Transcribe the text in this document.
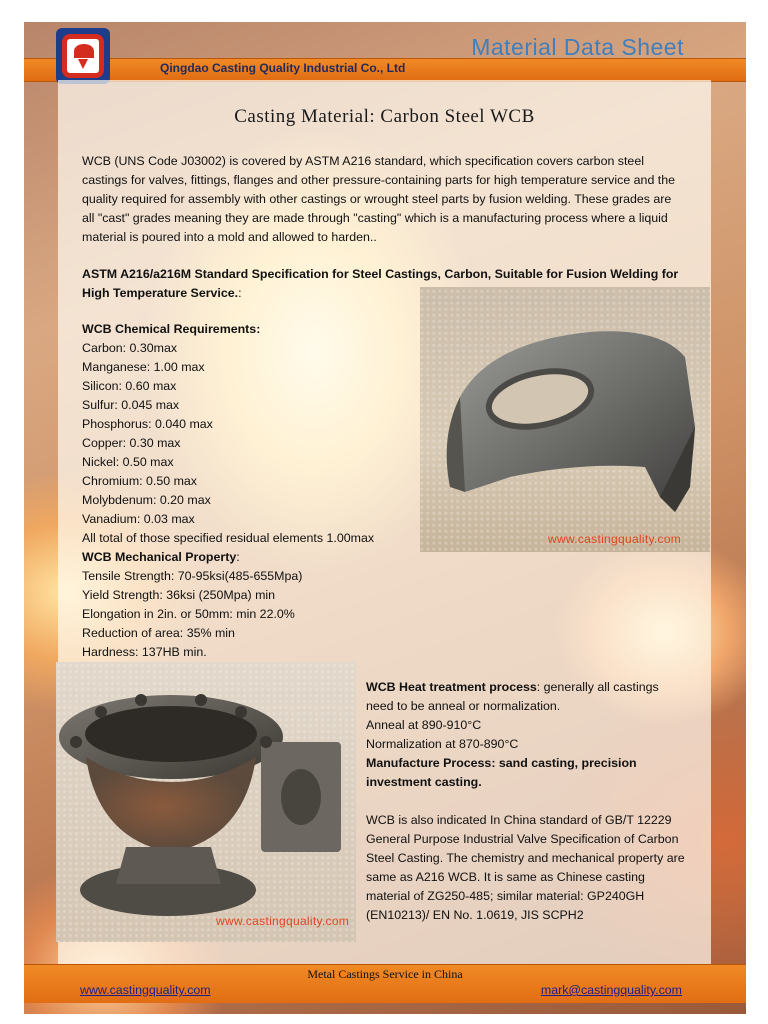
Material Data Sheet
Qingdao Casting Quality Industrial Co., Ltd
Casting Material: Carbon Steel WCB
WCB (UNS Code J03002) is covered by ASTM A216 standard, which specification covers carbon steel castings for valves, fittings, flanges and other pressure-containing parts for high temperature service and the quality required for assembly with other castings or wrought steel parts by fusion welding. These grades are all "cast" grades meaning they are made through "casting" which is a manufacturing process where a liquid material is poured into a mold and allowed to harden..
ASTM A216/a216M Standard Specification for Steel Castings, Carbon, Suitable for Fusion Welding for High Temperature Service.:
www.castingquality.com
WCB Chemical Requirements:
Carbon: 0.30max
Manganese: 1.00 max
Silicon: 0.60 max
Sulfur: 0.045 max
Phosphorus: 0.040 max
Copper: 0.30 max
Nickel: 0.50 max
Chromium: 0.50 max
Molybdenum: 0.20 max
Vanadium: 0.03 max
All total of those specified residual elements 1.00max
WCB Mechanical Property:
Tensile Strength: 70-95ksi(485-655Mpa)
Yield Strength: 36ksi (250Mpa) min
Elongation in 2in. or 50mm: min 22.0%
Reduction of area: 35% min
Hardness: 137HB min.
www.castingquality.com
WCB Heat treatment process: generally all castings need to be anneal or normalization.
Anneal at 890-910°C
Normalization at 870-890°C
Manufacture Process: sand casting, precision investment casting.
WCB is also indicated In China standard of GB/T 12229 General Purpose Industrial Valve Specification of Carbon Steel Casting. The chemistry and mechanical property are same as A216 WCB. It is same as Chinese casting material of ZG250-485; similar material: GP240GH (EN10213)/ EN No. 1.0619, JIS SCPH2
Metal Castings Service in China
www.castingquality.com	mark@castingquality.com
